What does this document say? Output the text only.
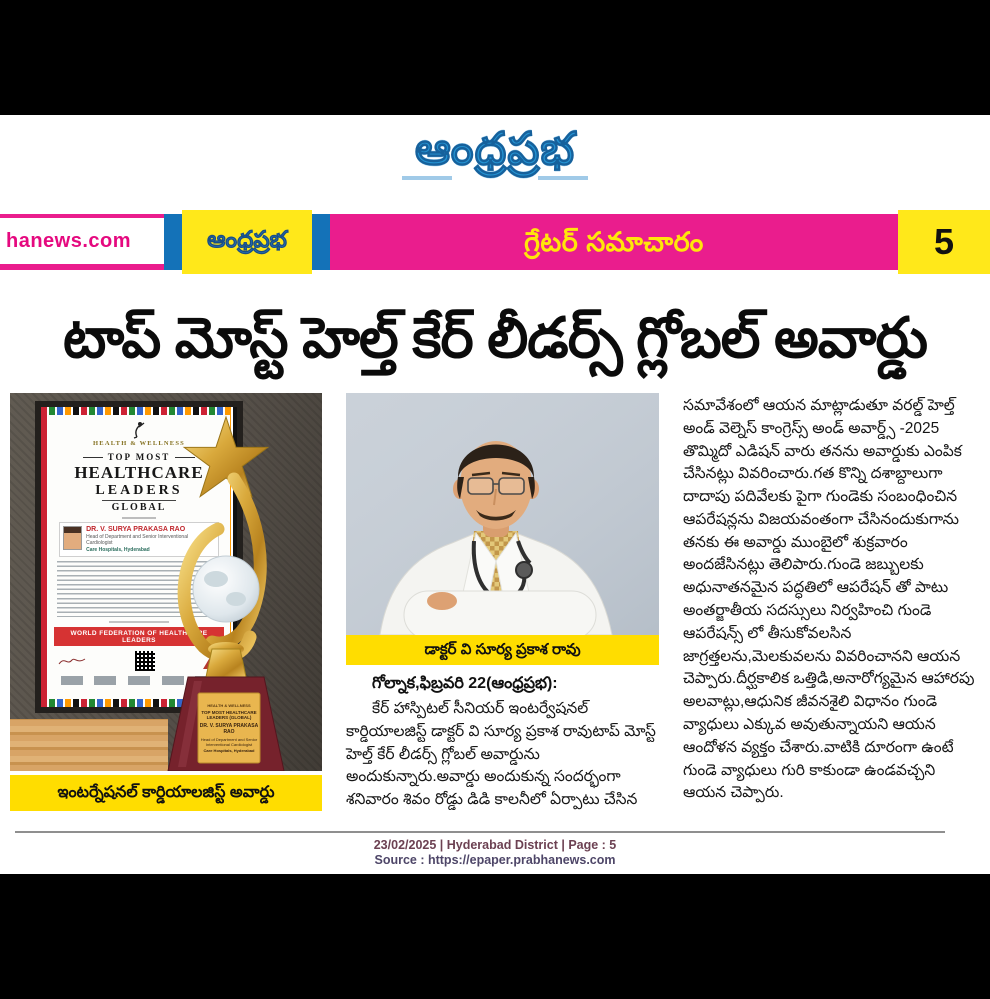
ఆంధ్రప్రభ
hanews.com	ఆంధ్రప్రభ	గ్రేటర్ సమాచారం	5
టాప్ మోస్ట్ హెల్త్ కేర్ లీడర్స్ గ్లోబల్ అవార్డు
HEALTH & WELLNESS
TOP MOST
HEALTHCARE
LEADERS
GLOBAL
DR. V. SURYA PRAKASA RAO
Head of Department and Senior Interventional Cardiologist
Care Hospitals, Hyderabad
WORLD FEDERATION OF HEALTHCARE LEADERS
HEALTH & WELLNESS
TOP MOST HEALTHCARE LEADERS (GLOBAL)
DR. V. SURYA PRAKASA RAO
Head of Department and Senior Interventional Cardiologist
Care Hospitals, Hyderabad
ఇంటర్నేషనల్ కార్డియాలజిస్ట్ అవార్డు
డాక్టర్ వి సూర్య ప్రకాశ రావు
గోల్నాక,ఫిబ్రవరి 22(ఆంధ్రప్రభ):
కేర్ హాస్పిటల్ సీనియర్ ఇంటర్వేషనల్ కార్డియాలజిస్ట్ డాక్టర్ వి సూర్య ప్రకాశ రావుటాప్ మోస్ట్ హెల్త్ కేర్ లీడర్స్ గ్లోబల్ అవార్డును అందుకున్నారు.అవార్డు అందుకున్న సందర్భంగా శనివారం శివం రోడ్డు డిడి కాలనీలో ఏర్పాటు చేసిన
సమావేశంలో ఆయన మాట్లాడుతూ వరల్డ్ హెల్త్ అండ్ వెల్నెస్ కాంగ్రెస్స్ అండ్ అవార్డ్స్ -2025 తొమ్మిదో ఎడిషన్ వారు తనను అవార్డుకు ఎంపిక చేసినట్లు వివరించారు.గత కొన్ని దశాబ్దాలుగా దాదాపు పదివేలకు పైగా గుండెకు సంబంధించిన ఆపరేషన్లను విజయవంతంగా చేసినందుకుగాను తనకు ఈ అవార్డు ముంబైలో శుక్రవారం అందజేసినట్లు తెలిపారు.గుండె జబ్బులకు అధునాతనమైన పద్ధతిలో ఆపరేషన్ తో పాటు అంతర్జాతీయ సదస్సులు నిర్వహించి గుండె ఆపరేషన్స్ లో తీసుకోవలసిన జాగ్రత్తలను,మెలకువలను వివరించానని ఆయన చెప్పారు.దీర్ఘకాలిక ఒత్తిడి,అనారోగ్యమైన ఆహారపు అలవాట్లు,ఆధునిక జీవనశైలి విధానం గుండె వ్యాధులు ఎక్కువ అవుతున్నాయని ఆయన ఆందోళన వ్యక్తం చేశారు.వాటికి దూరంగా ఉంటే గుండె వ్యాధులు గురి కాకుండా ఉండవచ్చని ఆయన చెప్పారు.
23/02/2025 | Hyderabad District | Page : 5
Source : https://epaper.prabhanews.com
